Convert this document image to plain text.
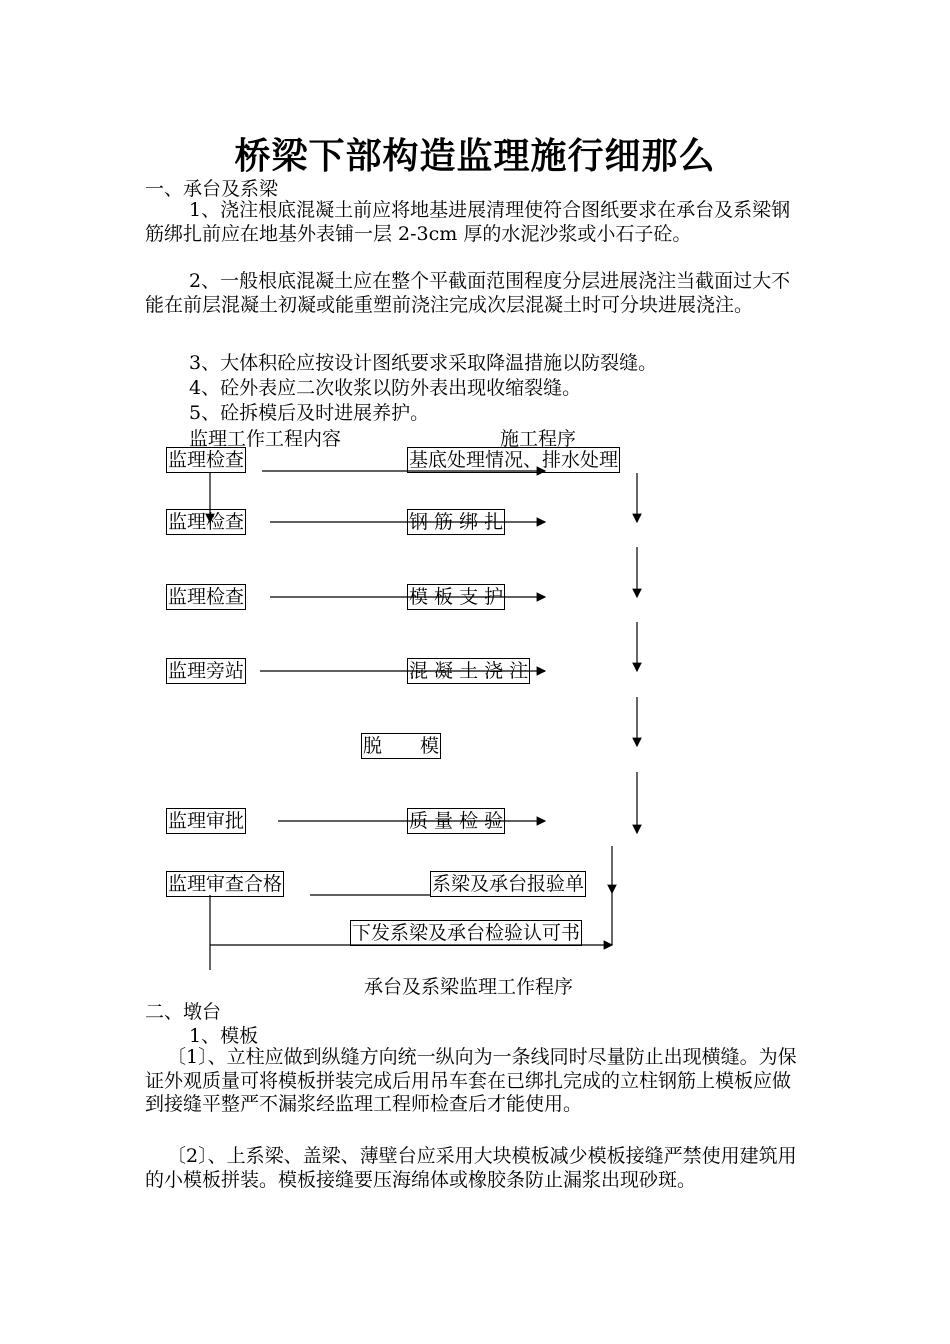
桥梁下部构造监理施行细那么
一、承台及系梁
1、浇注根底混凝土前应将地基进展清理使符合图纸要求在承台及系梁钢筋绑扎前应在地基外表铺一层 2-3cm 厚的水泥沙浆或小石子砼。
2、一般根底混凝土应在整个平截面范围程度分层进展浇注当截面过大不能在前层混凝土初凝或能重塑前浇注完成次层混凝土时可分块进展浇注。
3、大体积砼应按设计图纸要求采取降温措施以防裂缝。
4、砼外表应二次收浆以防外表出现收缩裂缝。
5、砼拆模后及时进展养护。
监理工作工程内容	施工程序
监理检查
监理检查
监理检查
监理旁站
监理审批
监理审查合格
基底处理情况、排水处理
钢 筋 绑 扎
模 板 支 护
混 凝 土 浇 注
脱　　模
质 量 检 验
系梁及承台报验单
下发系梁及承台检验认可书
承台及系梁监理工作程序
二、墩台
1、模板
〔1〕、立柱应做到纵缝方向统一纵向为一条线同时尽量防止出现横缝。为保证外观质量可将模板拼装完成后用吊车套在已绑扎完成的立柱钢筋上模板应做到接缝平整严不漏浆经监理工程师检查后才能使用。
〔2〕、上系梁、盖梁、薄壁台应采用大块模板减少模板接缝严禁使用建筑用的小模板拼装。模板接缝要压海绵体或橡胶条防止漏浆出现砂斑。
